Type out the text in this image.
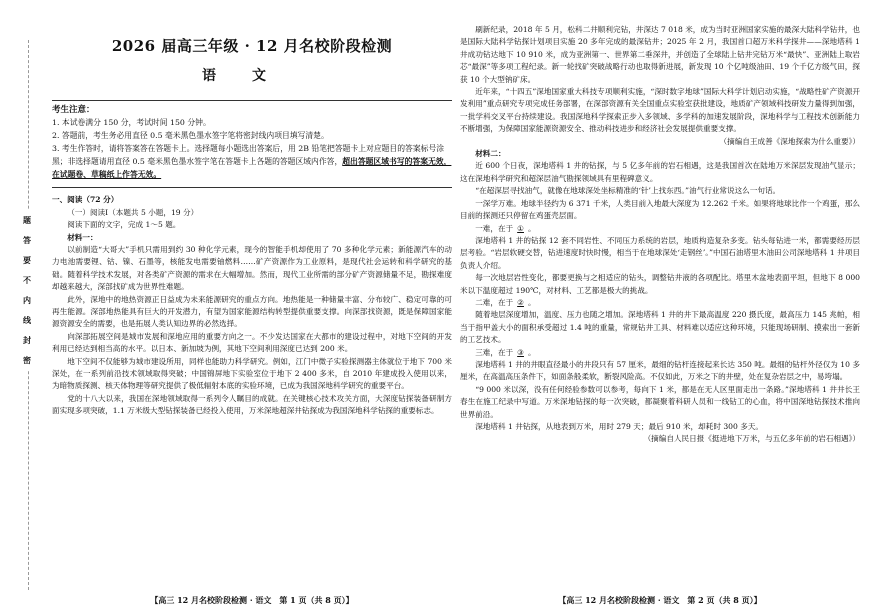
题
答
要
不
内
线
封
密
2026 届高三年级 · 12 月名校阶段检测
语文
考生注意：
1. 本试卷满分 150 分，考试时间 150 分钟。
2. 答题前，考生务必用直径 0.5 毫米黑色墨水签字笔将密封线内项目填写清楚。
3. 考生作答时，请将答案答在答题卡上。选择题每小题选出答案后，用 2B 铅笔把答题卡上对应题目的答案标号涂黑；非选择题请用直径 0.5 毫米黑色墨水签字笔在答题卡上各题的答题区域内作答，超出答题区域书写的答案无效，在试题卷、草稿纸上作答无效。
一、阅读（72 分）

（一）阅读Ⅰ（本题共 5 小题，19 分）

阅读下面的文字，完成 1～5 题。

材料一：

以前制造“大哥大”手机只需用到约 30 种化学元素，现今的智能手机却使用了 70 多种化学元素；新能源汽车的动力电池需要锂、钴、镍、石墨等，核能发电需要铀燃料……矿产资源作为工业原料，是现代社会运转和科学研究的基础。随着科学技术发展，对各类矿产资源的需求在大幅增加。然而，现代工业所需的部分矿产资源储量不足，勘探难度却越来越大，深部找矿成为世界性难题。

此外，深地中的地热资源正日益成为未来能源研究的重点方向。地热能是一种储量丰富、分布较广、稳定可靠的可再生能源。深部地热能具有巨大的开发潜力，有望为国家能源结构转型提供重要支撑。向深部找资源，既是保障国家能源资源安全的需要，也是拓展人类认知边界的必然选择。

向深部拓展空间是城市发展和深地应用的重要方向之一。不少发达国家在大都市的建设过程中，对地下空间的开发利用已经达到相当高的水平。以日本、新加坡为例，其地下空间利用深度已达到 200 米。

地下空间不仅能够为城市建设所用，同样也能助力科学研究。例如，江门中微子实验探测器主体就位于地下 700 米深处，在一系列前沿技术领域取得突破；中国锦屏地下实验室位于地下 2 400 多米，自 2010 年建成投入使用以来，为暗物质探测、核天体物理等研究提供了极低辐射本底的实验环境，已成为我国深地科学研究的重要平台。

党的十八大以来，我国在深地领域取得一系列令人瞩目的成就。在关键核心技术攻关方面，大深度钻探装备研制方面实现多项突破，1.1 万米级大型钻探装备已经投入使用，万米深地超深井钻探成为我国深地科学钻探的重要标志。

【高三 12 月名校阶段检测 · 语文　第 1 页（共 8 页）】

刷新纪录，2018 年 5 月，松科二井顺利完钻，井深达 7 018 米，成为当时亚洲国家实施的最深大陆科学钻井，也是国际大陆科学钻探计划项目实施 20 多年完成的最深钻井；2025 年 2 月，我国首口超万米科学探井——深地塔科 1 井成功钻达地下 10 910 米，成为亚洲第一、世界第二垂深井，并创造了全球陆上钻井完钻万米“最快”、亚洲陆上取岩芯“最深”等多项工程纪录。新一轮找矿突破战略行动也取得新进展，新发现 10 个亿吨级油田、19 个千亿方级气田，探获 10 个大型钠矿床。

近年来，“十四五”深地国家重大科技专项顺利实施，“深时数字地球”国际大科学计划启动实施，“战略性矿产资源开发利用”重点研究专项完成任务部署，在深部资源有关全国重点实验室获批建设，地质矿产领域科技研发力量得到加强，一批学科交叉平台持续建设。我国深地科学探索正步入多领域、多学科的加速发展阶段，深地科学与工程技术创新能力不断增强，为保障国家能源资源安全、推动科技进步和经济社会发展提供重要支撑。

（摘编自王成善《深地探索为什么重要》）

材料二：

近 600 个日夜，深地塔科 1 井的钻探，与 5 亿多年前的岩石相遇，这是我国首次在陆地万米深层发现油气显示；这在深地科学研究和超深层油气勘探领域具有里程碑意义。

“在超深层寻找油气，就像在地球深处坐标精准的‘针’上找东西。”油气行业常说这么一句话。

一深学万难。地球半径约为 6 371 千米，人类目前入地最大深度为 12.262 千米。如果将地球比作一个鸡蛋，那么目前的探测还只停留在鸡蛋壳层面。

一难，在于 ① 。

深地塔科 1 井的钻探 12 套不同岩性、不同压力系统的岩层，地质构造复杂多变。钻头每钻进一米，都需要经历层层考验。“岩层软硬交替，钻进速度时快时慢，相当于在地球深处‘走钢丝’。”中国石油塔里木油田公司深地塔科 1 井项目负责人介绍。

每一次地层岩性变化，都要更换与之相适应的钻头，调整钻井液的各项配比。塔里木盆地表面平坦，但地下 8 000 米以下温度超过 190℃，对材料、工艺都是极大的挑战。

二难，在于 ② 。

随着地层深度增加，温度、压力也随之增加。深地塔科 1 井的井下最高温度 220 摄氏度，最高压力 145 兆帕，相当于指甲盖大小的面积承受超过 1.4 吨的重量，常规钻井工具、材料难以适应这种环境，只能现场研制、摸索出一套新的工艺技术。

三难，在于 ③ 。

深地塔科 1 井的井眼直径最小的井段只有 57 厘米，最细的钻杆连接起来长达 350 吨。最细的钻杆外径仅为 10 多厘米，在高温高压条件下，如面条般柔软，断裂风险高。不仅如此，万米之下的井壁，处在复杂岩层之中，易垮塌。

“9 000 米以深，没有任何经验参数可以参考，每向下 1 米，都是在无人区里面走出一条路。”深地塔科 1 井井长王春生在施工纪录中写道。万米深地钻探的每一次突破，都凝聚着科研人员和一线钻工的心血，将中国深地钻探技术推向世界前沿。

深地塔科 1 井钻探，从地表到万米，用时 279 天；最后 910 米，却耗时 300 多天。

（摘编自人民日报《挺进地下万米，与五亿多年前的岩石相遇》）

【高三 12 月名校阶段检测 · 语文　第 2 页（共 8 页）】
